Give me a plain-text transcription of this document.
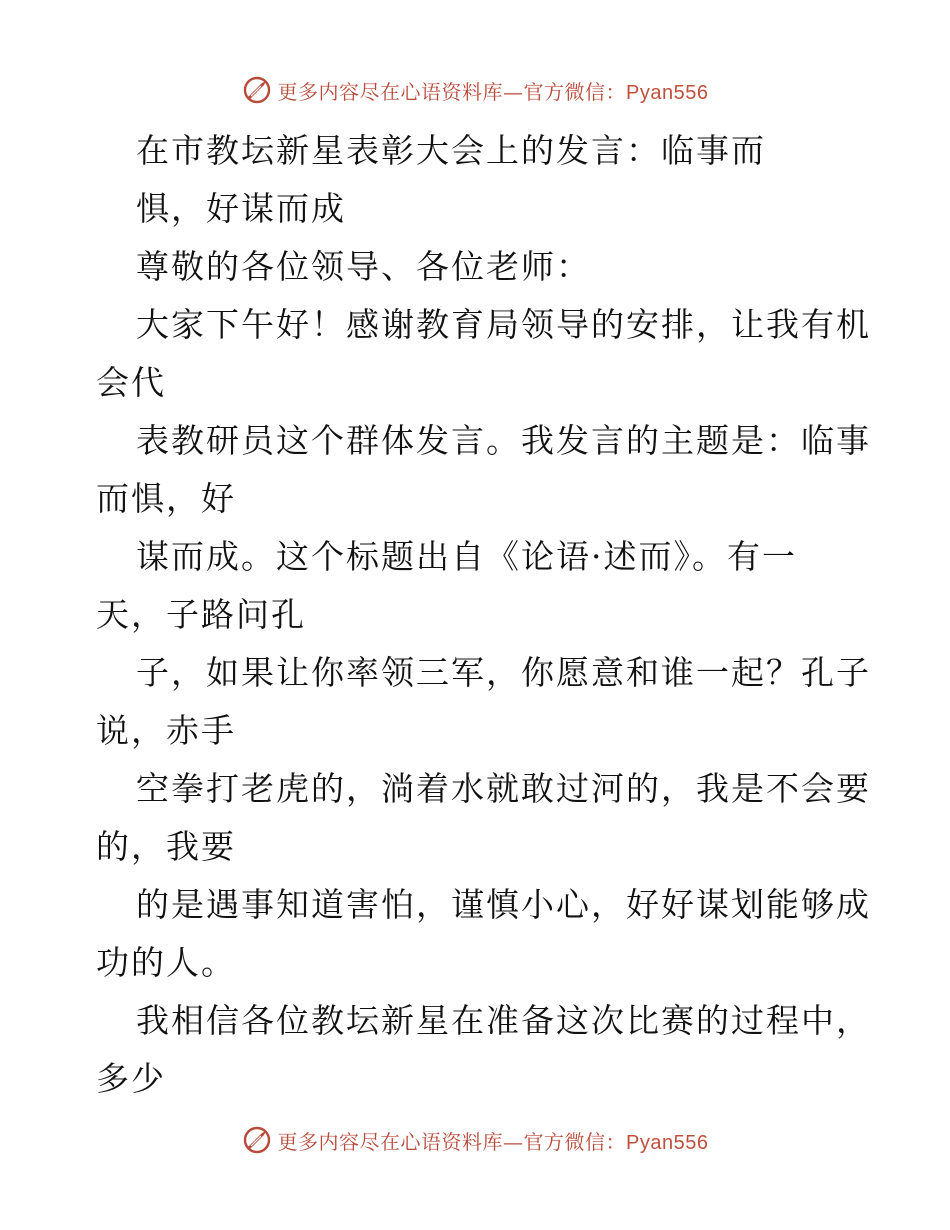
更多内容尽在心语资料库—官方微信：Pyan556
在市教坛新星表彰大会上的发言：临事而
惧，好谋而成
尊敬的各位领导、各位老师：
大家下午好！感谢教育局领导的安排，让我有机
会代
表教研员这个群体发言。我发言的主题是：临事
而惧，好
谋而成。这个标题出自《论语·述而》。有一
天，子路问孔
子，如果让你率领三军，你愿意和谁一起？孔子
说，赤手
空拳打老虎的，淌着水就敢过河的，我是不会要
的，我要
的是遇事知道害怕，谨慎小心，好好谋划能够成
功的人。
我相信各位教坛新星在准备这次比赛的过程中，
多少
更多内容尽在心语资料库—官方微信：Pyan556
